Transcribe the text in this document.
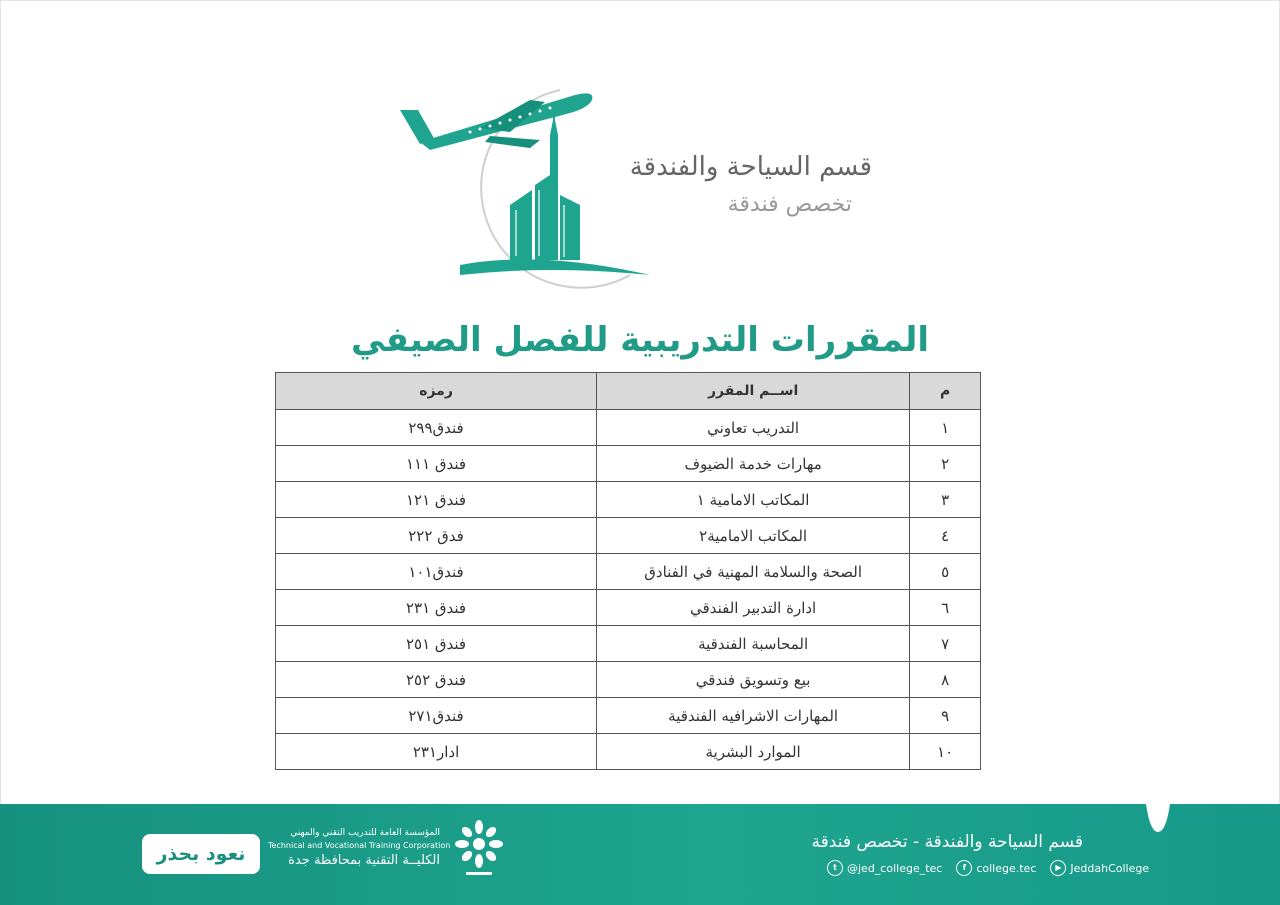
قسم السياحة والفندقة
تخصص فندقة
المقررات التدريبية للفصل الصيفي
م	اســم المقرر	رمزه
١	التدريب تعاوني	فندق٢٩٩
٢	مهارات خدمة الضيوف	فندق ١١١
٣	المكاتب الامامية ١	فندق ١٢١
٤	المكاتب الامامية٢	فدق ٢٢٢
٥	الصحة والسلامة المهنية في الفنادق	فندق١٠١
٦	ادارة التدبير الفندقي	فندق ٢٣١
٧	المحاسبة الفندقية	فندق ٢٥١
٨	بيع وتسويق فندقي	فندق ٢٥٢
٩	المهارات الاشرافيه الفندقية	فندق٢٧١
١٠	الموارد البشرية	ادار٢٣١
قسم السياحة والفندقة - تخصص فندقة
t @jed_college_tec	f college.tec	▶ JeddahCollege
المؤسسة العامة للتدريب التقني والمهني
Technical and Vocational Training Corporation
الكليــة التقنية بمحافظة جدة
نعود بحذر
